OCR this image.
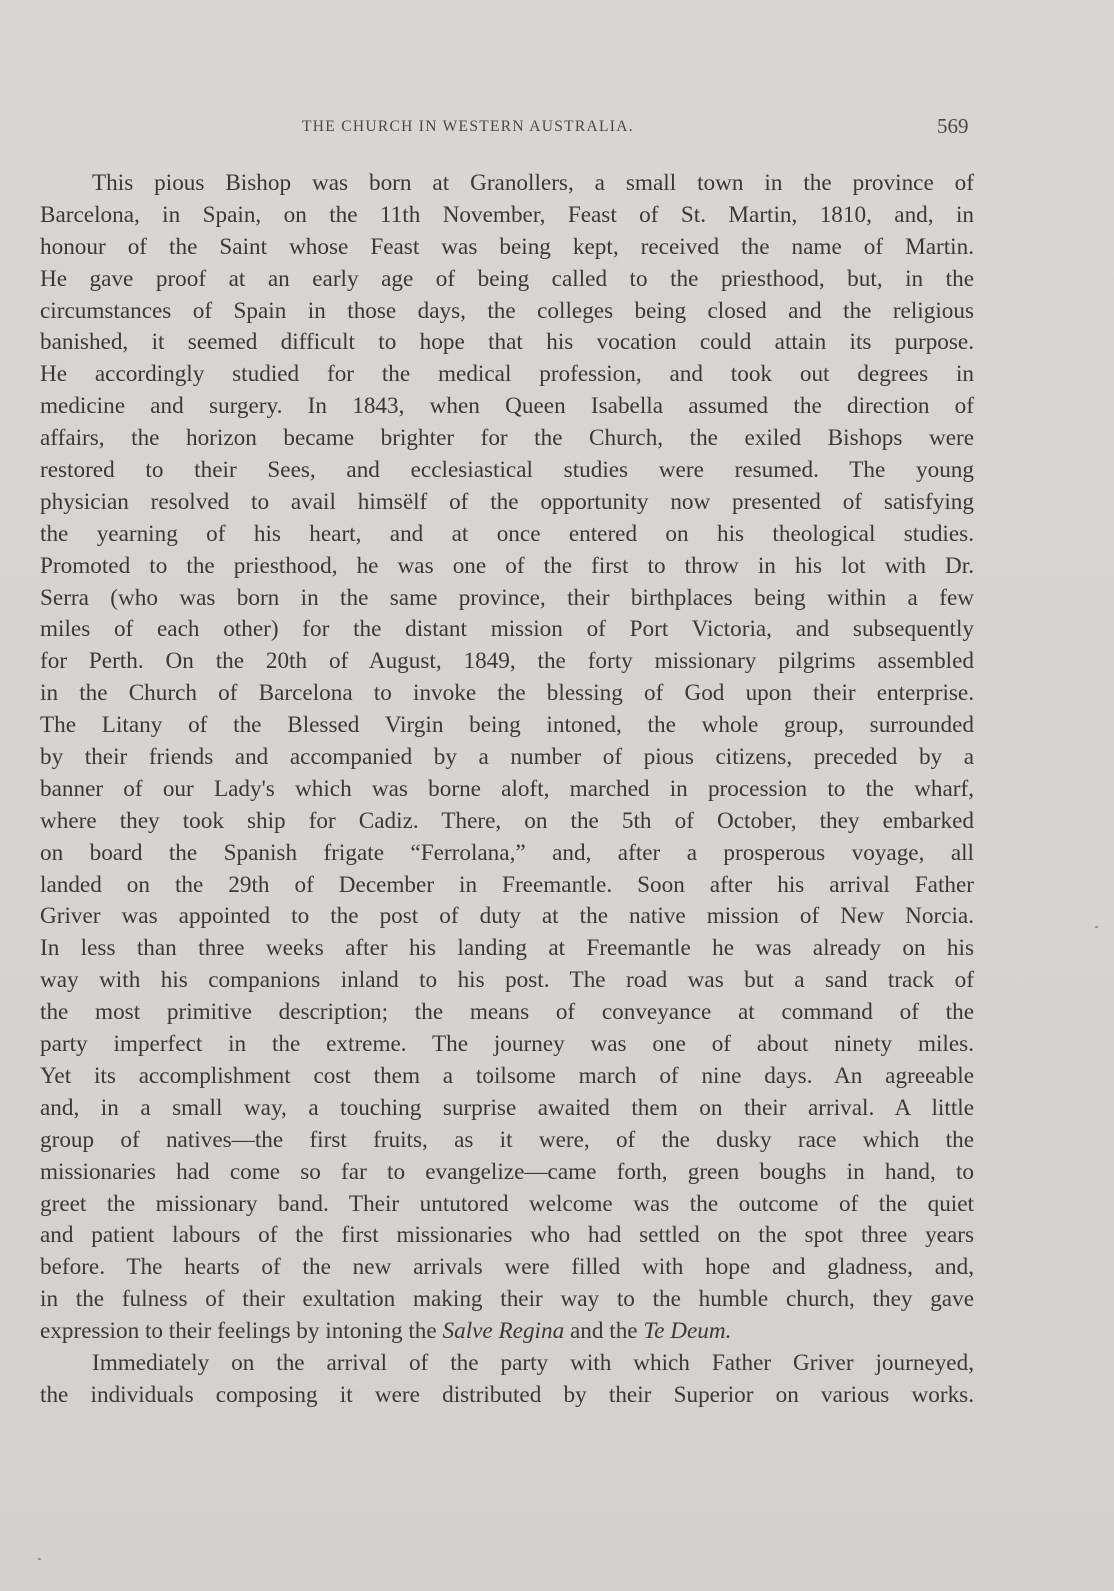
THE CHURCH IN WESTERN AUSTRALIA.	569
This pious Bishop was born at Granollers, a small town in the province of
Barcelona, in Spain, on the 11th November, Feast of St. Martin, 1810, and, in
honour of the Saint whose Feast was being kept, received the name of Martin.
He gave proof at an early age of being called to the priesthood, but, in the
circumstances of Spain in those days, the colleges being closed and the religious
banished, it seemed difficult to hope that his vocation could attain its purpose.
He accordingly studied for the medical profession, and took out degrees in
medicine and surgery. In 1843, when Queen Isabella assumed the direction of
affairs, the horizon became brighter for the Church, the exiled Bishops were
restored to their Sees, and ecclesiastical studies were resumed. The young
physician resolved to avail himsëlf of the opportunity now presented of satisfying
the yearning of his heart, and at once entered on his theological studies.
Promoted to the priesthood, he was one of the first to throw in his lot with Dr.
Serra (who was born in the same province, their birthplaces being within a few
miles of each other) for the distant mission of Port Victoria, and subsequently
for Perth. On the 20th of August, 1849, the forty missionary pilgrims assembled
in the Church of Barcelona to invoke the blessing of God upon their enterprise.
The Litany of the Blessed Virgin being intoned, the whole group, surrounded
by their friends and accompanied by a number of pious citizens, preceded by a
banner of our Lady's which was borne aloft, marched in procession to the wharf,
where they took ship for Cadiz. There, on the 5th of October, they embarked
on board the Spanish frigate “Ferrolana,” and, after a prosperous voyage, all
landed on the 29th of December in Freemantle. Soon after his arrival Father
Griver was appointed to the post of duty at the native mission of New Norcia.
In less than three weeks after his landing at Freemantle he was already on his
way with his companions inland to his post. The road was but a sand track of
the most primitive description; the means of conveyance at command of the
party imperfect in the extreme. The journey was one of about ninety miles.
Yet its accomplishment cost them a toilsome march of nine days. An agreeable
and, in a small way, a touching surprise awaited them on their arrival. A little
group of natives—the first fruits, as it were, of the dusky race which the
missionaries had come so far to evangelize—came forth, green boughs in hand, to
greet the missionary band. Their untutored welcome was the outcome of the quiet
and patient labours of the first missionaries who had settled on the spot three years
before. The hearts of the new arrivals were filled with hope and gladness, and,
in the fulness of their exultation making their way to the humble church, they gave
expression to their feelings by intoning the Salve Regina and the Te Deum.
Immediately on the arrival of the party with which Father Griver journeyed,
the individuals composing it were distributed by their Superior on various works.
